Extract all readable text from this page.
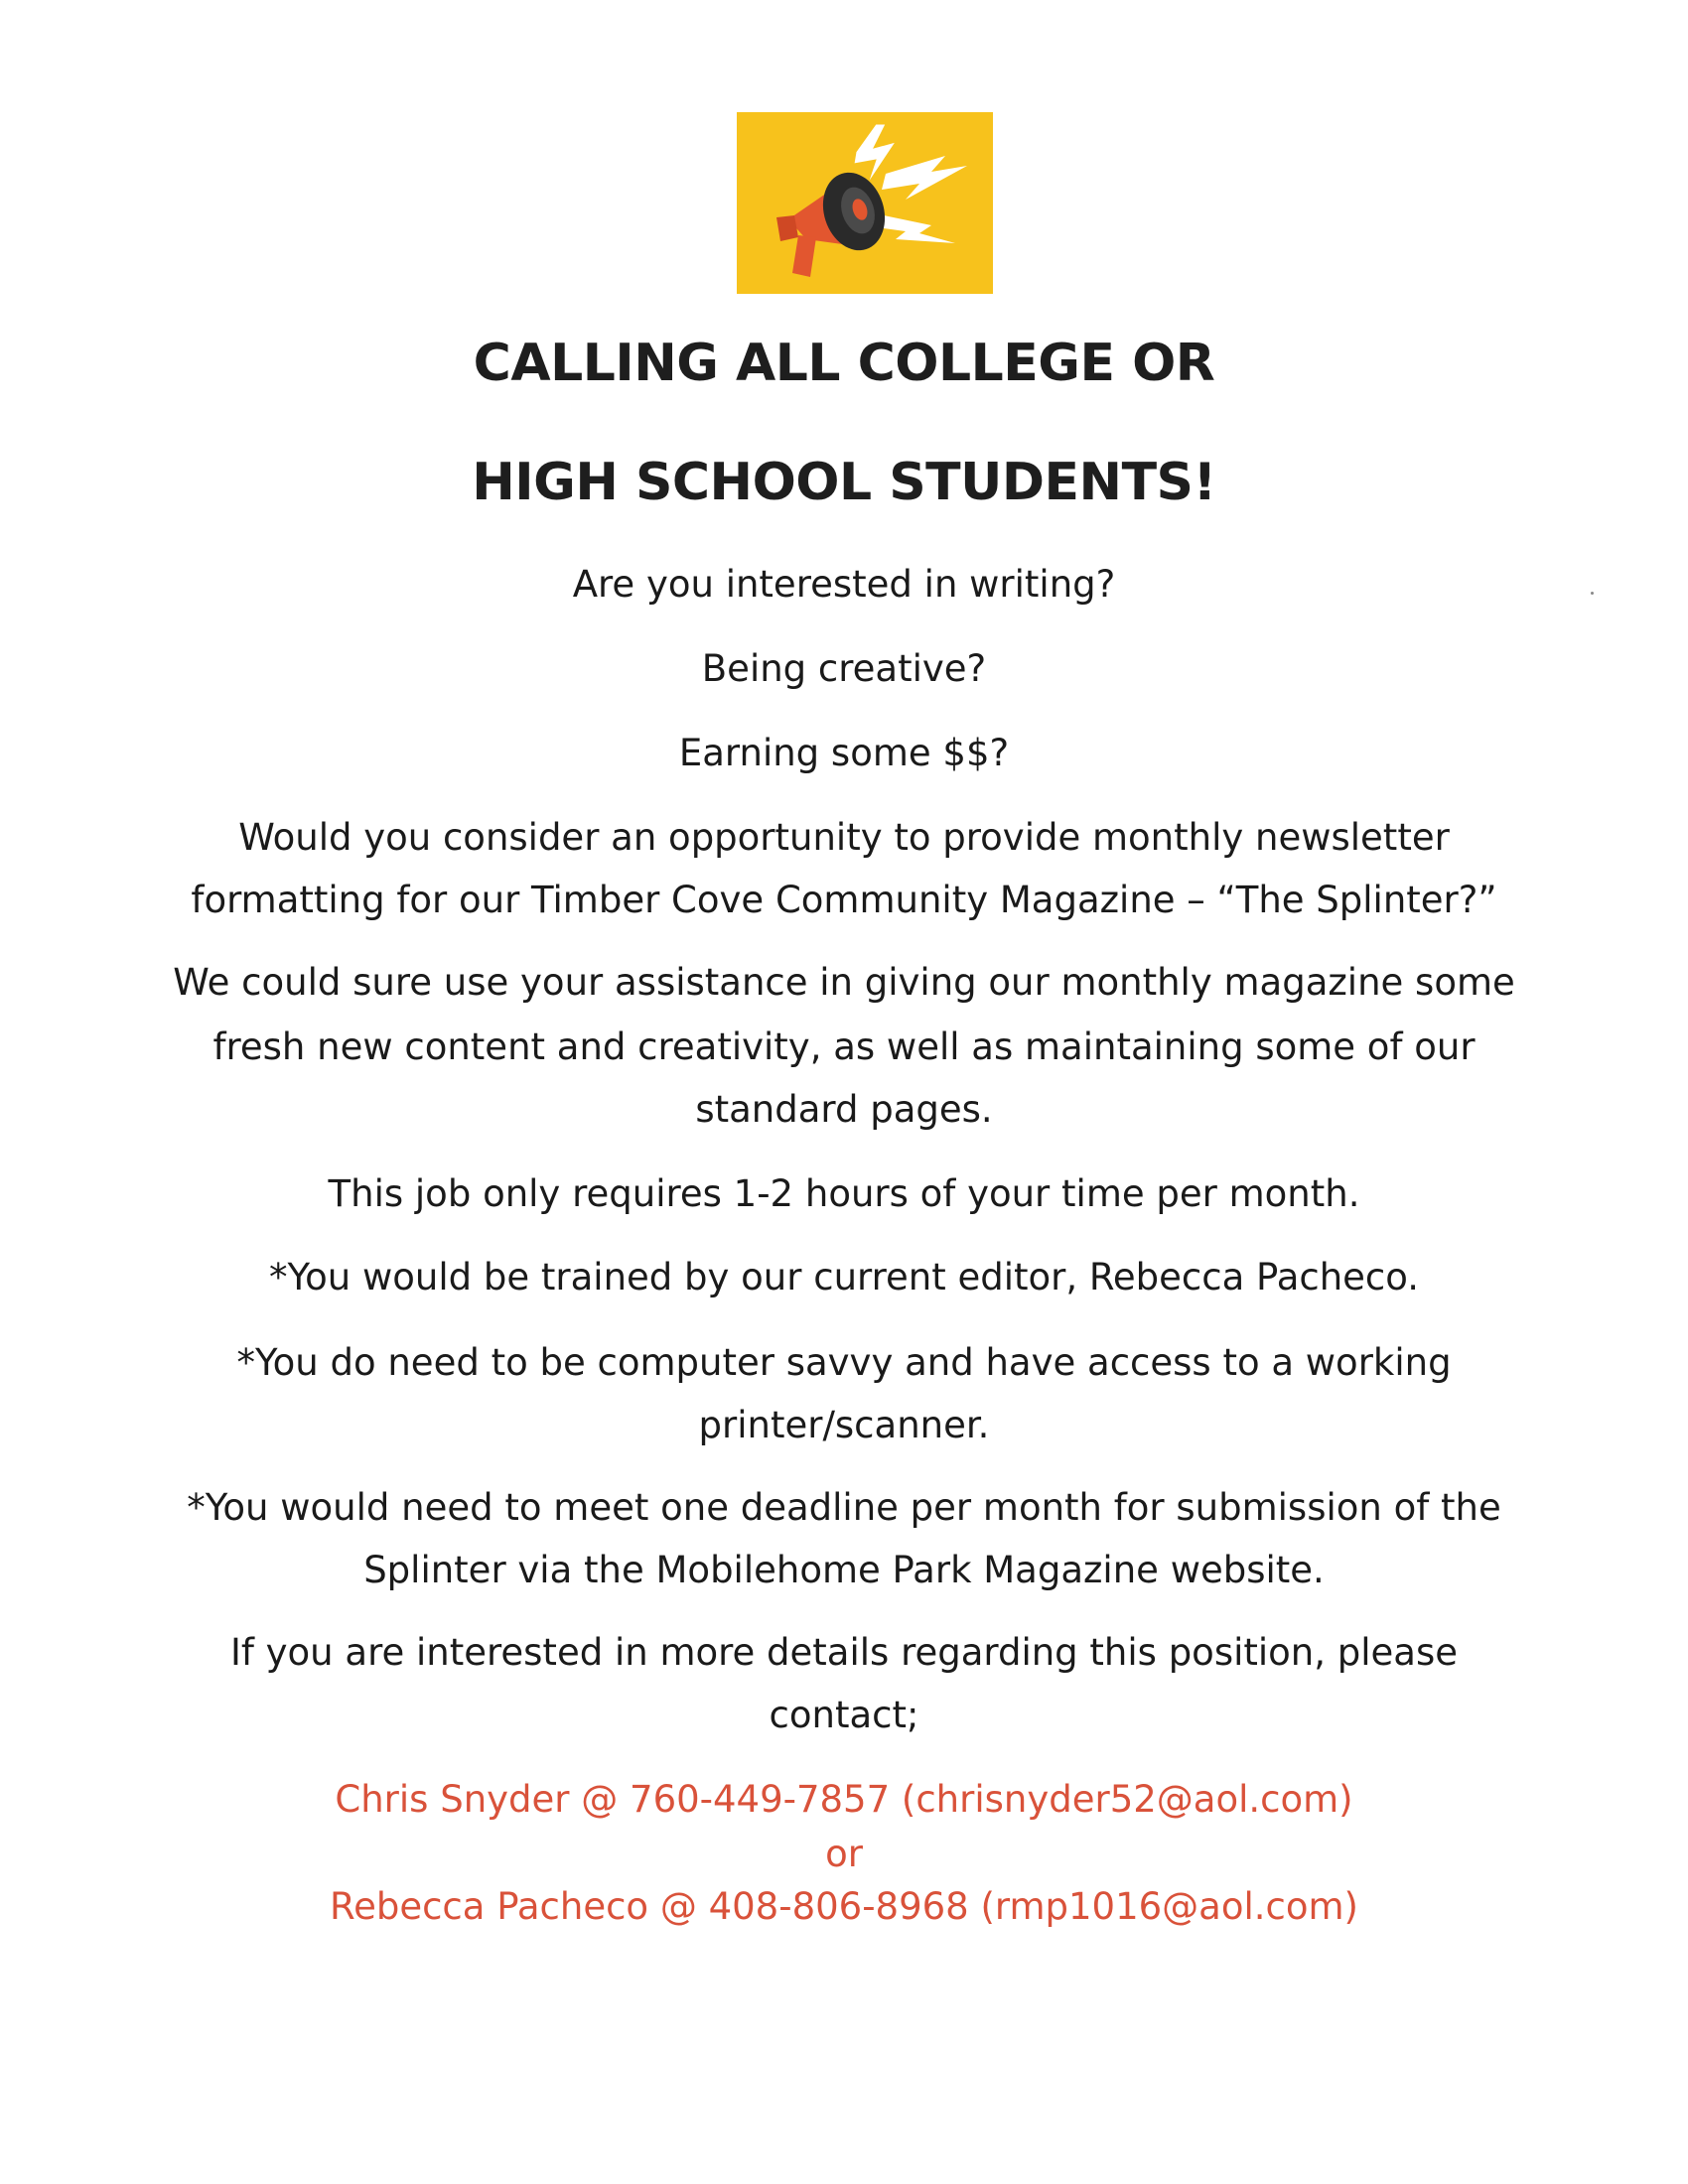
CALLING ALL COLLEGE OR
HIGH SCHOOL STUDENTS!
Are you interested in writing?
Being creative?
Earning some $$?
Would you consider an opportunity to provide monthly newsletter
formatting for our Timber Cove Community Magazine – “The Splinter?”
We could sure use your assistance in giving our monthly magazine some
fresh new content and creativity, as well as maintaining some of our
standard pages.
This job only requires 1-2 hours of your time per month.
*You would be trained by our current editor, Rebecca Pacheco.
*You do need to be computer savvy and have access to a working
printer/scanner.
*You would need to meet one deadline per month for submission of the
Splinter via the Mobilehome Park Magazine website.
If you are interested in more details regarding this position, please
contact;
Chris Snyder @ 760-449-7857 (chrisnyder52@aol.com)
or
Rebecca Pacheco @ 408-806-8968 (rmp1016@aol.com)
